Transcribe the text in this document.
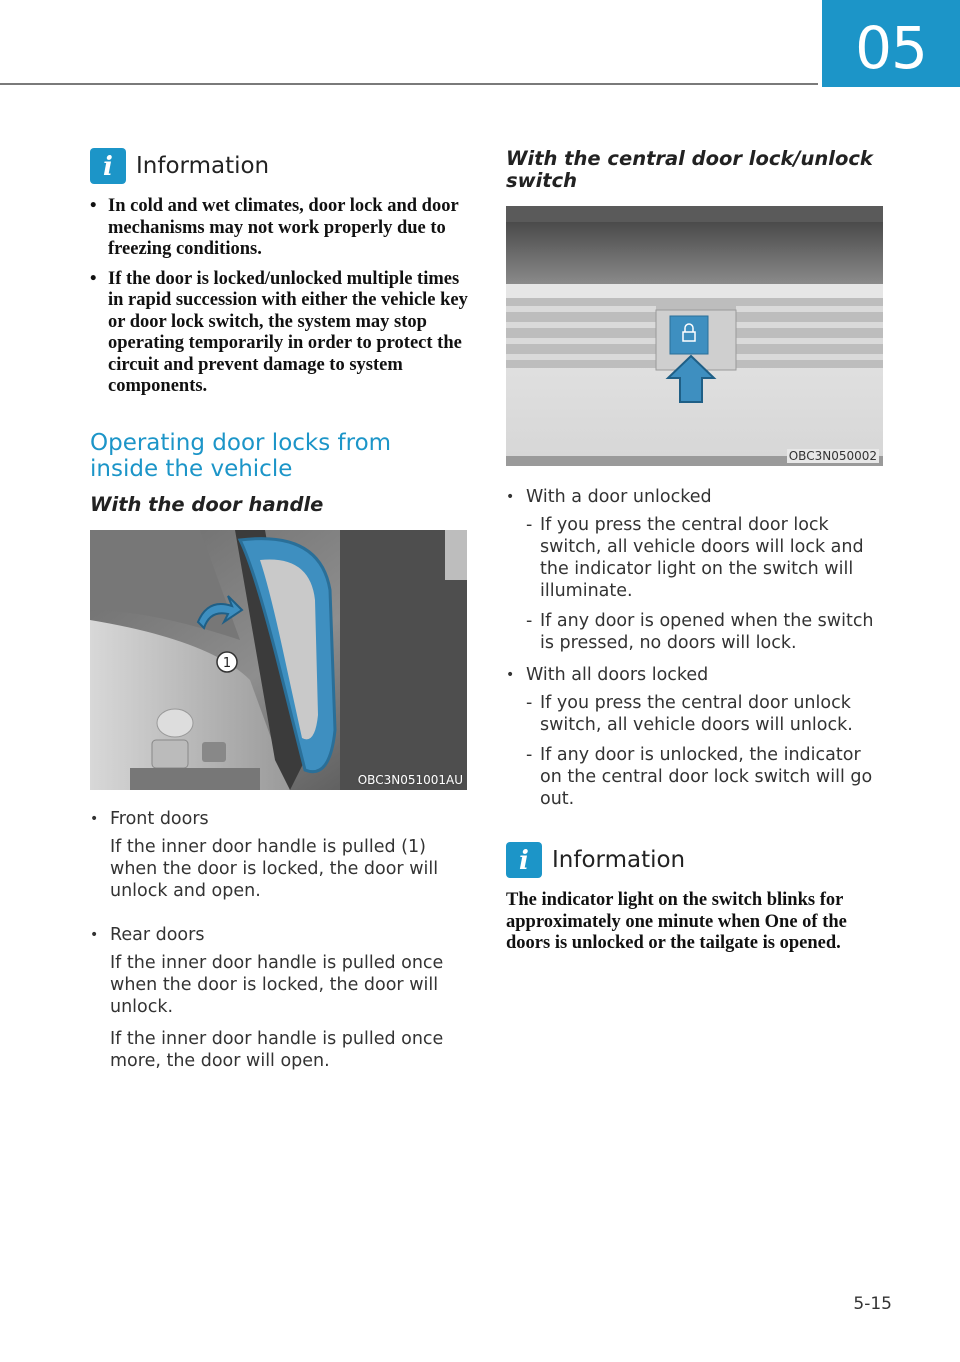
05
i	Information
• In cold and wet climates, door lock and door mechanisms may not work properly due to freezing conditions.
• If the door is locked/unlocked multiple times in rapid succession with either the vehicle key or door lock switch, the system may stop operating temporarily in order to protect the circuit and prevent damage to system components.
Operating door locks from inside the vehicle
With the door handle
1
OBC3N051001AU
• Front doors
If the inner door handle is pulled (1) when the door is locked, the door will unlock and open.
• Rear doors
If the inner door handle is pulled once when the door is locked, the door will unlock.
If the inner door handle is pulled once more, the door will open.
With the central door lock/unlock switch
OBC3N050002
• With a door unlocked
- If you press the central door lock switch, all vehicle doors will lock and the indicator light on the switch will illuminate.
- If any door is opened when the switch is pressed, no doors will lock.
• With all doors locked
- If you press the central door unlock switch, all vehicle doors will unlock.
- If any door is unlocked, the indicator on the central door lock switch will go out.
i	Information
The indicator light on the switch blinks for approximately one minute when One of the doors is unlocked or the tailgate is opened.
5-15
